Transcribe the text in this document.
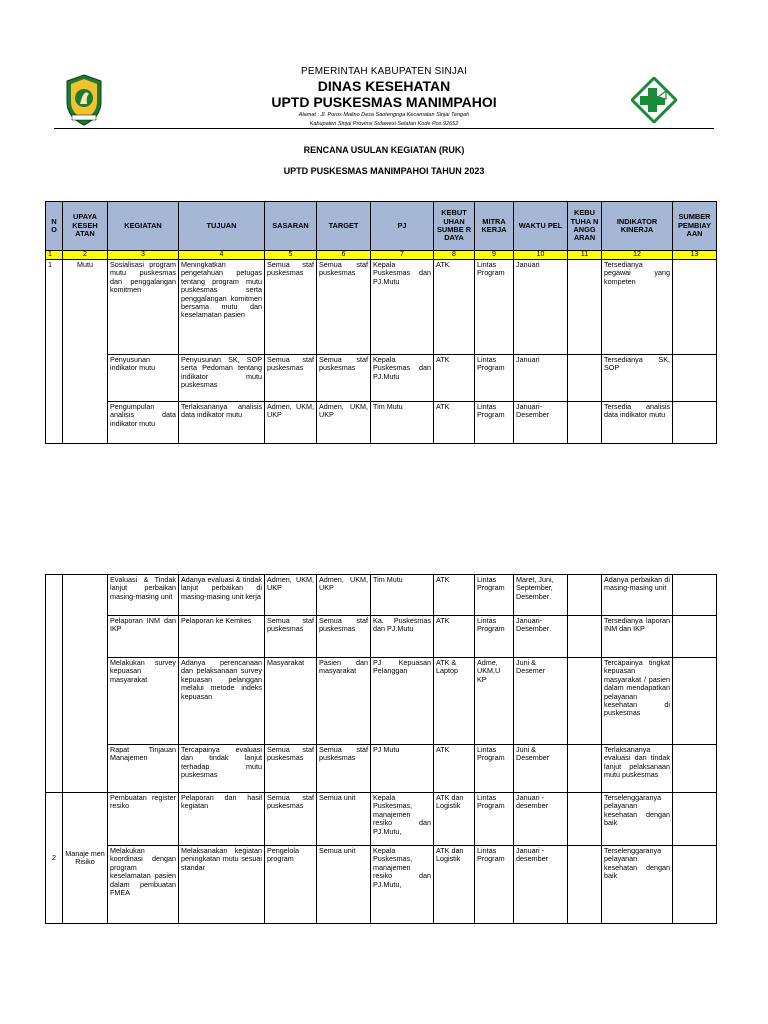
PEMERINTAH KABUPATEN SINJAI
DINAS KESEHATAN
UPTD PUSKESMAS MANIMPAHOI
Alamat : Jl. Poros Malino Desa Saotengnga Kecamatan Sinjai Tengah
Kabupaten Sinjai Provinsi Sulawesi Selatan Kode Pos 92652
RENCANA USULAN KEGIATAN (RUK)
UPTD PUSKESMAS MANIMPAHOI TAHUN 2023
N O	UPAYA KESEH ATAN	KEGIATAN	TUJUAN	SASARAN	TARGET	PJ	KEBUT UHAN SUMBE R DAYA	MITRA KERJA	WAKTU PEL	KEBU TUHA N ANGG ARAN	INDIKATOR KINERJA	SUMBER PEMBIAY AAN
1	2	3	4	5	6	7	8	9	10	11	12	13
1	Mutu	Sosialisasi program mutu puskesmas dan penggalangan komitmen	Meningkatkan pengetahuan petugas tentang program mutu puskesmas serta penggalangan komitmen bersama mutu dan keselamatan pasien	Semua staf puskesmas	Semua staf puskesmas	Kepala Puskesmas dan PJ.Mutu	ATK	Lintas Program	Januari		Tersedianya pegawai yang kompeten	
		Penyusunan indikator mutu	Penyusunan SK, SOP serta Pedoman tentang indikator mutu puskesmas	Semua staf puskesmas	Semua staf puskesmas	Kepala Puskesmas dan PJ.Mutu	ATK	Lintas Program	Januari		Tersedianya SK, SOP	
		Pengumpulan analisis data indikator mutu	Terlaksananya analisis data indikator mutu	Admen, UKM, UKP	Admen, UKM, UKP	Tim Mutu	ATK	Lintas Program	Januari-Desember		Tersedia analisis data indikator mutu	
		Evaluasi & Tindak lanjut perbaikan masing-masing unit	Adanya evaluasi & tindak lanjut perbaikan di masing-masing unit kerja	Admen, UKM, UKP	Admen, UKM, UKP	Tim Mutu	ATK	Lintas Program	Maret, Juni, September, Desember		Adanya perbaikan di masing-masing unit	
		Pelaporan INM dan IKP	Pelaporan ke Kemkes	Semua staf puskesmas	Semua staf puskesmas	Ka. Puskesmas dan PJ.Mutu	ATK	Lintas Program	Januari-Desember		Tersedianya laporan INM dan IKP	
		Melakukan survey kepuasan masyarakat	Adanya perencanaan dan pelaksanaan survey kepuasan pelanggan melalui metode indeks kepuasan	Masyarakat	Pasien dan masyarakat	PJ Kepuasan Pelanggan	ATK & Laptop	Adme, UKM,U KP	Juni & Desemer		Tercapainya tingkat kepuasan masyarakat / pasien dalam mendapatkan pelayanan kesehatan di puskesmas	
		Rapat Tinjauan Manajemen	Tercapainya evaluasi dan tindak lanjut terhadap mutu puskesmas	Semua staf puskesmas	Semua staf puskesmas	PJ Mutu	ATK	Lintas Program	Juni & Desember		Terlaksananya evaluasi dan tindak lanjut pelaksanaan mutu puskesmas	
2	Manaje men Risiko	Pembuatan register resiko	Pelaporan dan hasil kegiatan	Semua staf puskesmas	Semua unit	Kepala Puskesmas, manajemen resiko dan PJ.Mutu,	ATK dan Logistik	Lintas Program	Januari - desember		Terselenggaranya pelayanan kesehatan dengan baik	
		Melakukan koordinasi dengan program keselamatan pasien dalam pembuatan FMEA	Melaksanakan kegiatan peningkatan mutu sesuai standar	Pengelola program	Semua unit	Kepala Puskesmas, manajemen resiko dan PJ.Mutu,	ATK dan Logistik	Lintas Program	Januari - desember		Terselenggaranya pelayanan kesehatan dengan baik	
